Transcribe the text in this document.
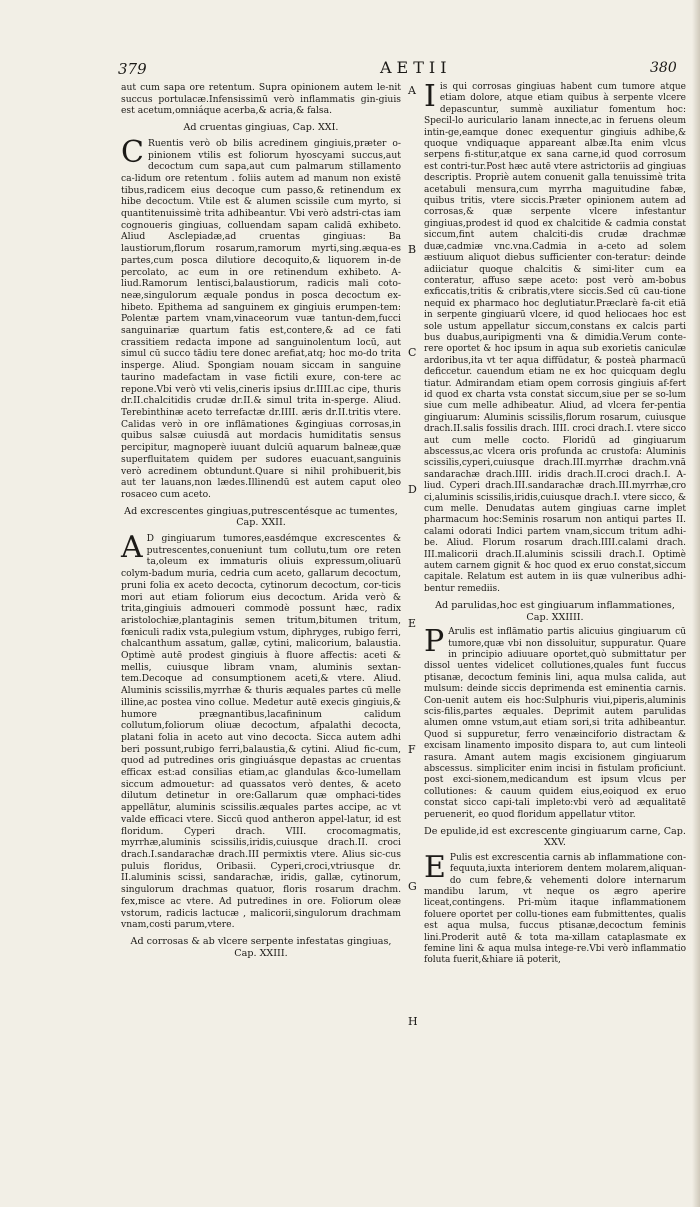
379	AETII	380
A
B
C
D
E
F
G
H

aut cum sapa ore retentum. Supra opinionem autem le-nit succus portulacæ.Infensissimū verò inflammatis gin-giuis est acetum,omniáque acerba,& acria,& falsa.

Ad cruentas gingiuas, Cap. XXI.

C Ruentis verò ob bilis acredinem gingiuis,præter o-pinionem vtilis est foliorum hyoscyami succus,aut decoctum cum sapa,aut cum palmarum stillamento ca-lidum ore retentum . foliis autem ad manum non existē tibus,radicem eius decoque cum passo,& retinendum ex hibe decoctum. Vtile est & alumen scissile cum myrto, si quantitenuissimè trita adhibeantur. Vbi verò adstri-ctas iam cognoueris gingiuas, colluendam sapam calidā exhibeto. Aliud Asclepiadæ,ad cruentas gingiuas: Ba laustiorum,florum rosarum,ramorum myrti,sing.æqua-es partes,cum posca dilutiore decoquito,& liquorem in-de percolato, ac eum in ore retinendum exhibeto. A-liud.Ramorum lentisci,balaustiorum, radicis mali coto-neæ,singulorum æquale pondus in posca decoctum ex-hibeto. Epithema ad sanguinem ex gingiuis erumpen-tem: Polentæ partem vnam,vinaceorum vuæ tantun-dem,fucci sanguinariæ quartum fatis est,contere,& ad ce fati crassitiem redacta impone ad sanguinolentum locū, aut simul cū succo tādiu tere donec arefiat,atq; hoc mo-do trita insperge. Aliud. Spongiam nouam siccam in sanguine taurino madefactam in vase fictili exure, con-tere ac repone.Vbi verò vti velis,cineris ipsius dr.IIII.ac cipe, thuris dr.II.chalcitidis crudæ dr.II.& simul trita in-sperge. Aliud. Terebinthinæ aceto terrefactæ dr.IIII. æris dr.II.tritis vtere. Calidas verò in ore inflāmationes &gingiuas corrosas,in quibus salsæ cuiusdā aut mordacis humiditatis sensus percipitur, magnoperè iuuant dulciū aquarum balneæ,quæ superfluitatem quidem per sudores euacuant,sanguinis verò acredinem obtundunt.Quare si nihil prohibuerit,bis aut ter lauans,non lædes.Illinendū est autem caput oleo rosaceo cum aceto.

Ad excrescentes gingiuas,putrescentésque ac tumentes, Cap. XXII.

A D gingiuarum tumores,easdémque excrescentes & putrescentes,conueniunt tum collutu,tum ore reten ta,oleum ex immaturis oliuis expressum,oliuarū colym-badum muria, cedria cum aceto, gallarum decoctum, pruni folia ex aceto decocta, cytinorum decoctum, cor-ticis mori aut etiam foliorum eius decoctum. Arida verò & trita,gingiuis admoueri commodè possunt hæc, radix aristolochiæ,plantaginis semen tritum,bitumen tritum, fœniculi radix vsta,pulegium vstum, diphryges, rubigo ferri, chalcanthum assatum, gallæ, cytini, malicorium, balaustia. Optimè autē prodest gingiuis à fluore affectis: aceti & mellis, cuiusque libram vnam, aluminis sextan-tem.Decoque ad consumptionem aceti,& vtere. Aliud. Aluminis scissilis,myrrhæ & thuris æquales partes cū melle illine,ac postea vino collue. Medetur autē execis gingiuis,& humore prægnantibus,lacafininum calidum collutum,foliorum oliuæ decoctum, afpalathi decocta, platani folia in aceto aut vino decocta. Sicca autem adhi beri possunt,rubigo ferri,balaustia,& cytini. Aliud fic-cum, quod ad putredines oris gingiuásque depastas ac cruentas efficax est:ad consilias etiam,ac glandulas &co-lumellam siccum admouetur: ad quassatos verò dentes, & aceto dilutum detinetur in ore:Gallarum quæ omphaci-tides appellātur, aluminis scissilis.æquales partes accipe, ac vt valde efficaci vtere. Siccū quod antheron appel-latur, id est floridum. Cyperi drach. VIII. crocomagmatis, myrrhæ,aluminis scissilis,iridis,cuiusque drach.II. croci drach.I.sandarachæ drach.III permixtis vtere. Alius sic-cus puluis floridus, Oribasii. Cyperi,croci,vtriusque dr. II.aluminis scissi, sandarachæ, iridis, gallæ, cytinorum, singulorum drachmas quatuor, floris rosarum drachm. fex,misce ac vtere. Ad putredines in ore. Foliorum oleæ vstorum, radicis lactucæ , malicorii,singulorum drachmam vnam,costi parum,vtere.

Ad corrosas & ab vlcere serpente infestatas gingiuas, Cap. XXIII.

Iis qui corrosas gingiuas habent cum tumore atque etiam dolore, atque etiam quibus à serpente vlcere depascuntur, summè auxiliatur fomentum hoc: Specil-lo auriculario lanam innecte,ac in feruens oleum intin-ge,eamque donec exequentur gingiuis adhibe,& quoque vndiquaque appareant albæ.Ita enim vlcus serpens fi-stitur,atque ex sana carne,id quod corrosum est contri-tur.Post hæc autē vtere astrictoriis ad gingiuas descriptis. Propriè autem conuenit galla tenuissimè trita acetabuli mensura,cum myrrha maguitudine fabæ, quibus tritis, vtere siccis.Præter opinionem autem ad corrosas,& quæ serpente vlcere infestantur gingiuas,prodest id quod ex chalcitide & cadmia constat siccum,fint autem chalciti-dis crudæ drachmæ duæ,cadmiæ vnc.vna.Cadmia in a-ceto ad solem æstiuum aliquot diebus sufficienter con-teratur: deinde adiiciatur quoque chalcitis & simi-liter cum ea conteratur, affuso sæpe aceto: post verò am-bobus exficcatis,tritis & cribratis,vtere siccis.Sed cū cau-tione nequid ex pharmaco hoc deglutiatur.Præclarè fa-cit etiā in serpente gingiuarū vlcere, id quod heliocaes hoc est sole ustum appellatur siccum,constans ex calcis parti bus duabus,auripigmenti vna & dimidia.Verum conte-rere oportet & hoc ipsum in aqua sub exorietis caniculæ ardoribus,ita vt ter aqua diffūdatur, & posteà pharmacū deficcetur. cauendum etiam ne ex hoc quicquam deglu tiatur. Admirandam etiam opem corrosis gingiuis af-fert id quod ex charta vsta constat siccum,siue per se so-lum siue cum melle adhibeatur. Aliud, ad vlcera fer-pentia gingiuarum: Aluminis scissilis,florum rosarum, cuiusque drach.II.salis fossilis drach. IIII. croci drach.I. vtere sicco aut cum melle cocto. Floridū ad gingiuarum abscessus,ac vlcera oris profunda ac crustofa: Aluminis scissilis,cyperi,cuiusque drach.III.myrrhæ drachm.vnā sandarachæ drach.IIII. iridis drach.II.croci drach.I. A-liud. Cyperi drach.III.sandarachæ drach.III.myrrhæ,cro ci,aluminis scissilis,iridis,cuiusque drach.I. vtere sicco, & cum melle. Denudatas autem gingiuas carne implet pharmacum hoc:Seminis rosarum non antiqui partes II. calami odorati Indici partem vnam,siccum tritum adhi-be. Aliud. Florum rosarum drach.IIII.calami drach. III.malicorii drach.II.aluminis scissili drach.I. Optimè autem carnem gignit & hoc quod ex eruo constat,siccum capitale. Relatum est autem in iis quæ vulneribus adhi-bentur remediis.

Ad parulidas,hoc est gingiuarum inflammationes, Cap. XXIIII.

P Arulis est inflāmatio partis alicuius gingiuarum cū tumore,quæ vbi non dissoluitur, suppuratur. Quare in principio adiuuare oportet,quò submittatur per dissol uentes videlicet collutiones,quales funt fuccus ptisanæ, decoctum feminis lini, aqua mulsa calida, aut mulsum: deinde siccis deprimenda est eminentia carnis. Con-uenit autem eis hoc:Sulphuris viui,piperis,aluminis scis-filis,partes æquales. Deprimit autem parulidas alumen omne vstum,aut etiam sori,si trita adhibeantur. Quod si suppuretur, ferro venæinciforio distractam & excisam linamento imposito dispara to, aut cum linteoli rasura. Amant autem magis excisionem gingiuarum abscessus. simpliciter enim incisi in fistulam proficiunt. post exci-sionem,medicandum est ipsum vlcus per collutiones: & cauum quidem eius,eoiquod ex eruo constat sicco capi-tali impleto:vbi verò ad æqualitatē peruenerit, eo quod floridum appellatur vtitor.

De epulide,id est excrescente gingiuarum carne, Cap. XXV.

E Pulis est excrescentia carnis ab inflammatione con-fequuta,iuxta interiorem dentem molarem,aliquan-do cum febre,& vehementi dolore internarum mandibu larum, vt neque os ægro aperire liceat,contingens. Pri-mùm itaque inflammationem foluere oportet per collu-tiones eam fubmittentes, qualis est aqua mulsa, fuccus ptisanæ,decoctum feminis lini.Proderit autē & tota ma-xillam cataplasmate ex femine lini & aqua mulsa intege-re.Vbi verò inflammatio foluta fuerit,&hiare iā poterit,
